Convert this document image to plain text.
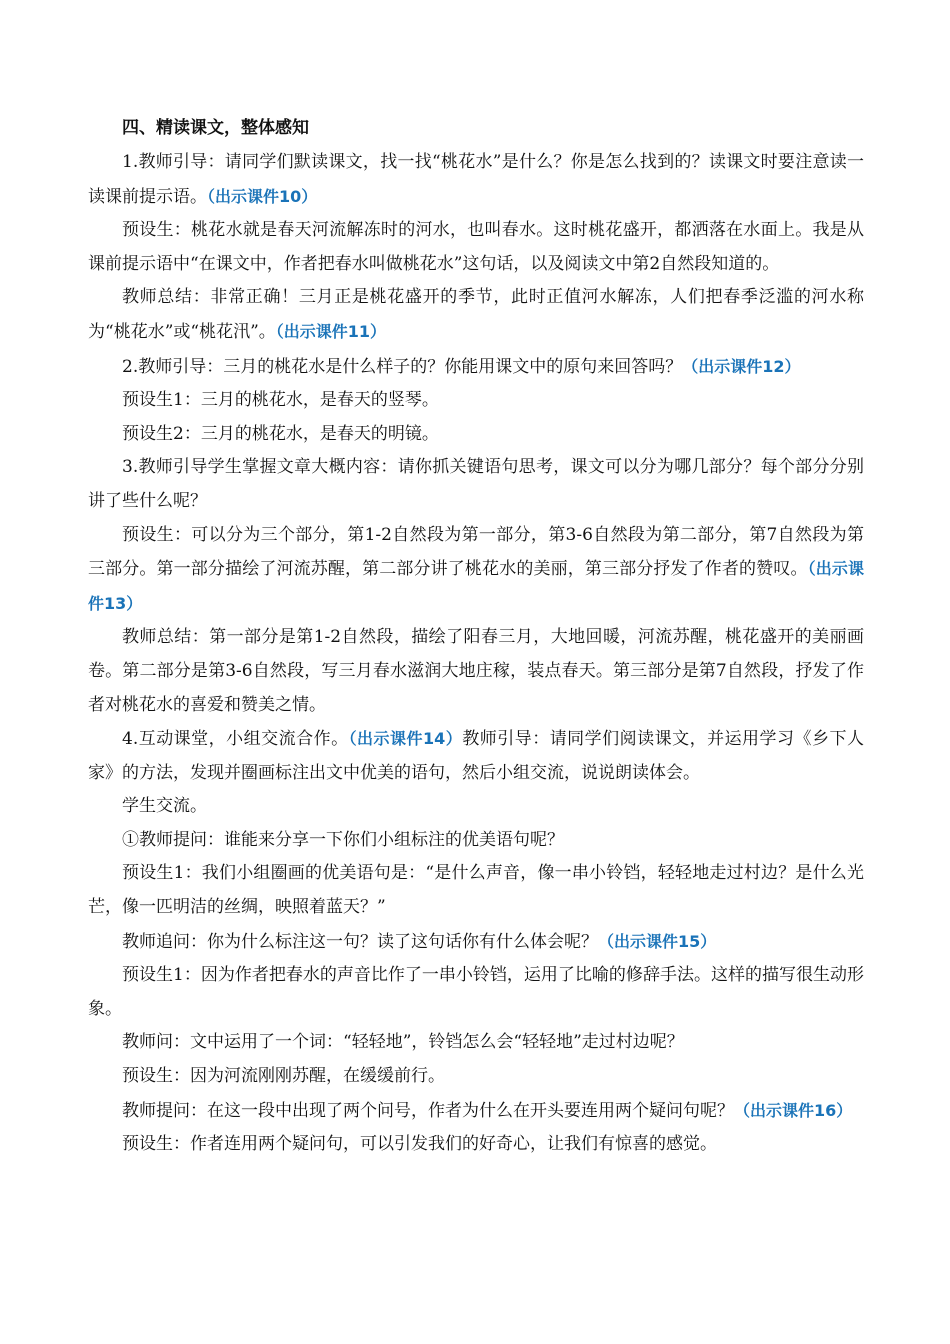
四、精读课文，整体感知

1.教师引导：请同学们默读课文，找一找“桃花水”是什么？你是怎么找到的？读课文时要注意读一读课前提示语。（出示课件10）

预设生：桃花水就是春天河流解冻时的河水，也叫春水。这时桃花盛开，都洒落在水面上。我是从课前提示语中“在课文中，作者把春水叫做桃花水”这句话，以及阅读文中第2自然段知道的。

教师总结：非常正确！三月正是桃花盛开的季节，此时正值河水解冻，人们把春季泛滥的河水称为“桃花水”或“桃花汛”。（出示课件11）

2.教师引导：三月的桃花水是什么样子的？你能用课文中的原句来回答吗？（出示课件12）

预设生1：三月的桃花水，是春天的竖琴。

预设生2：三月的桃花水，是春天的明镜。

3.教师引导学生掌握文章大概内容：请你抓关键语句思考，课文可以分为哪几部分？每个部分分别讲了些什么呢？

预设生：可以分为三个部分，第1-2自然段为第一部分，第3-6自然段为第二部分，第7自然段为第三部分。第一部分描绘了河流苏醒，第二部分讲了桃花水的美丽，第三部分抒发了作者的赞叹。（出示课件13）

教师总结：第一部分是第1-2自然段，描绘了阳春三月，大地回暖，河流苏醒，桃花盛开的美丽画卷。第二部分是第3-6自然段，写三月春水滋润大地庄稼，装点春天。第三部分是第7自然段，抒发了作者对桃花水的喜爱和赞美之情。

4.互动课堂，小组交流合作。（出示课件14）教师引导：请同学们阅读课文，并运用学习《乡下人家》的方法，发现并圈画标注出文中优美的语句，然后小组交流，说说朗读体会。

学生交流。

①教师提问：谁能来分享一下你们小组标注的优美语句呢？

预设生1：我们小组圈画的优美语句是：“是什么声音，像一串小铃铛，轻轻地走过村边？是什么光芒，像一匹明洁的丝绸，映照着蓝天？”

教师追问：你为什么标注这一句？读了这句话你有什么体会呢？（出示课件15）

预设生1：因为作者把春水的声音比作了一串小铃铛，运用了比喻的修辞手法。这样的描写很生动形象。

教师问：文中运用了一个词：“轻轻地”，铃铛怎么会“轻轻地”走过村边呢？

预设生：因为河流刚刚苏醒，在缓缓前行。

教师提问：在这一段中出现了两个问号，作者为什么在开头要连用两个疑问句呢？（出示课件16）

预设生：作者连用两个疑问句，可以引发我们的好奇心，让我们有惊喜的感觉。
